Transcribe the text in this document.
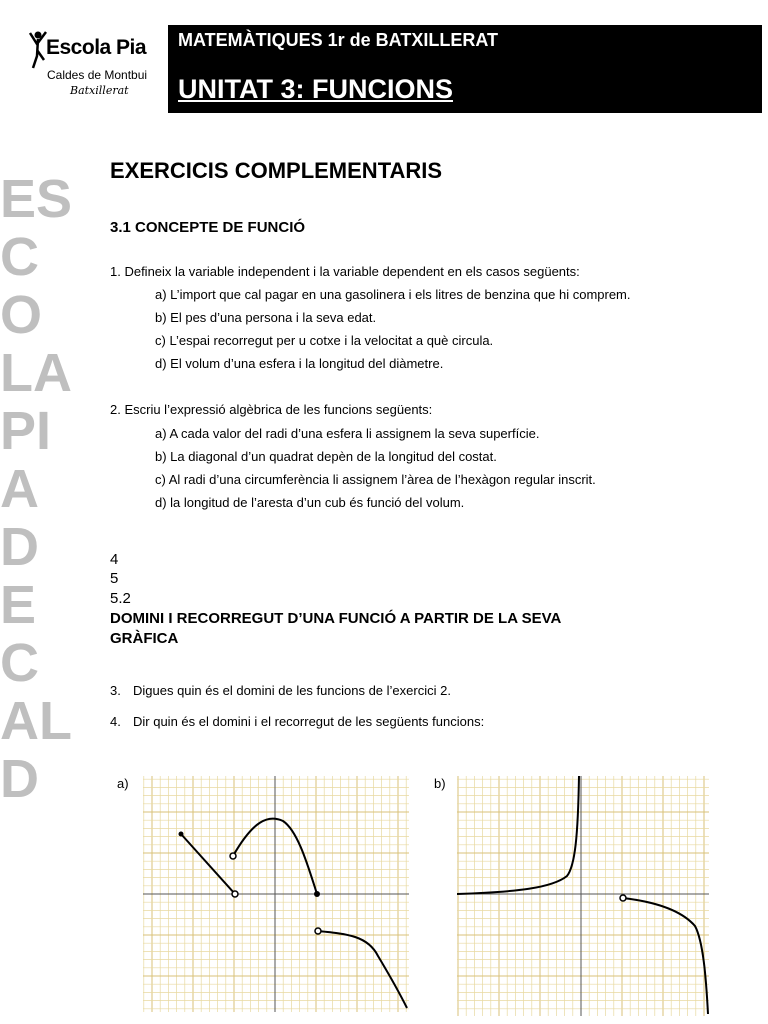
Escola Pia
Caldes de Montbui
Batxillerat
MATEMÀTIQUES 1r de BATXILLERAT
UNITAT 3: FUNCIONS
ES
C
O
LA
PI
A
D
E
C
AL
D
EXERCICIS COMPLEMENTARIS
3.1 CONCEPTE DE FUNCIÓ
1. Defineix la variable independent i la variable dependent en els casos següents:
a) L’import que cal pagar en una gasolinera i els litres de benzina que hi comprem.
b) El pes d’una persona i la seva edat.
c) L’espai recorregut per u cotxe i la velocitat a què circula.
d) El volum d’una esfera i la longitud del diàmetre.
2. Escriu l’expressió algèbrica de les funcions següents:
a) A cada valor del radi d’una esfera li assignem la seva superfície.
b) La diagonal d’un quadrat depèn de la longitud del costat.
c) Al radi d’una circumferència li assignem l’àrea de l’hexàgon regular inscrit.
d) la longitud de l’aresta d’un cub és funció del volum.
4
5
5.2
DOMINI I RECORREGUT D’UNA FUNCIÓ A PARTIR DE LA SEVA
GRÀFICA
3. Digues quin és el domini de les funcions de l’exercici 2.
4. Dir quin és el domini i el recorregut de les següents funcions:
a)	b)
